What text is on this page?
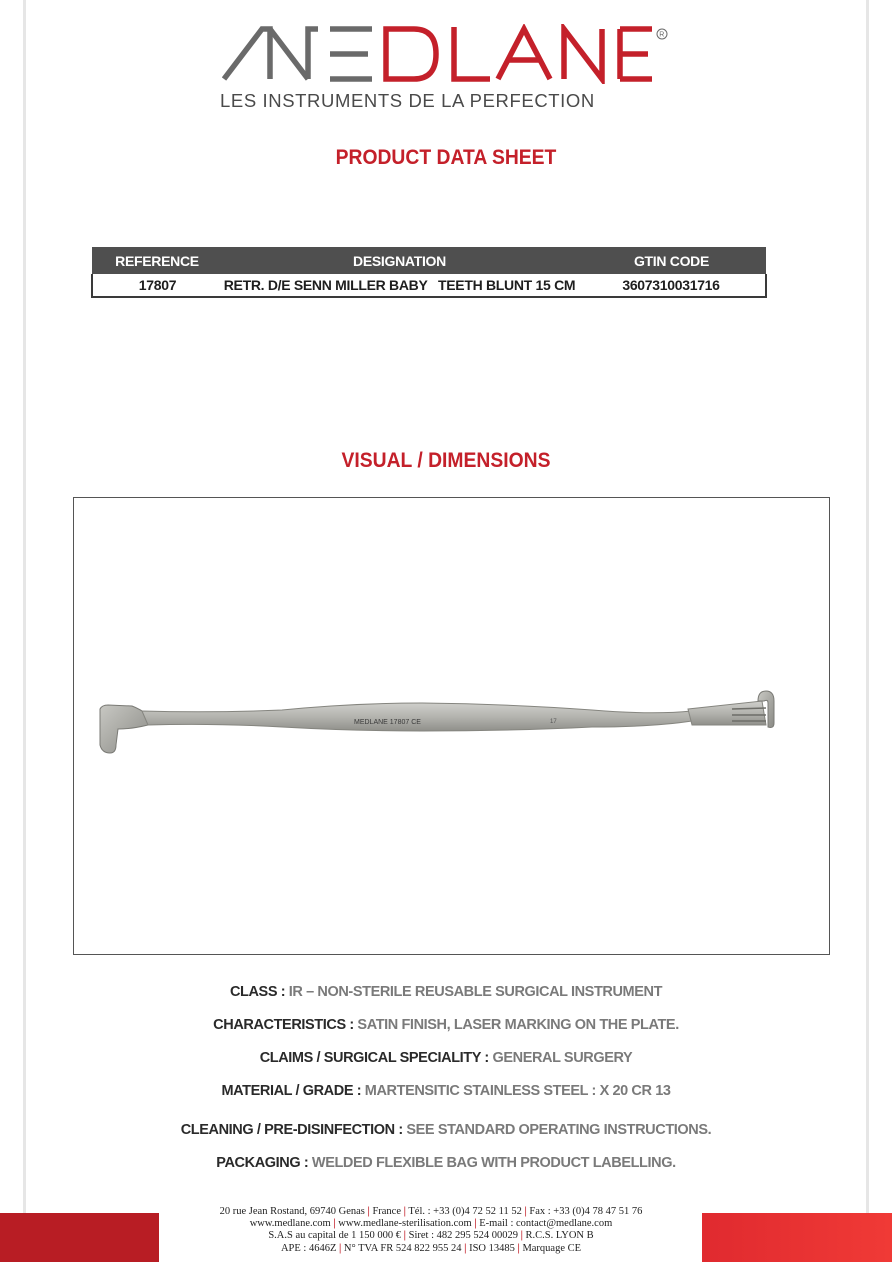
R
LES INSTRUMENTS DE LA PERFECTION
PRODUCT DATA SHEET
REFERENCE	DESIGNATION	GTIN CODE
17807	RETR. D/E SENN MILLER BABY   TEETH BLUNT 15 CM	3607310031716
VISUAL / DIMENSIONS
MEDLANE 17807 CE	17
CLASS : IR – NON-STERILE REUSABLE SURGICAL INSTRUMENT
CHARACTERISTICS : SATIN FINISH, LASER MARKING ON THE PLATE.
CLAIMS / SURGICAL SPECIALITY : GENERAL SURGERY
MATERIAL / GRADE : MARTENSITIC STAINLESS STEEL : X 20 CR 13
CLEANING / PRE-DISINFECTION : SEE STANDARD OPERATING INSTRUCTIONS.
PACKAGING : WELDED FLEXIBLE BAG WITH PRODUCT LABELLING.
20 rue Jean Rostand, 69740 Genas | France | Tél. : +33 (0)4 72 52 11 52 | Fax : +33 (0)4 78 47 51 76
www.medlane.com | www.medlane-sterilisation.com | E-mail : contact@medlane.com
S.A.S au capital de 1 150 000 € | Siret : 482 295 524 00029 | R.C.S. LYON B
APE : 4646Z | N° TVA FR 524 822 955 24 | ISO 13485 | Marquage CE
